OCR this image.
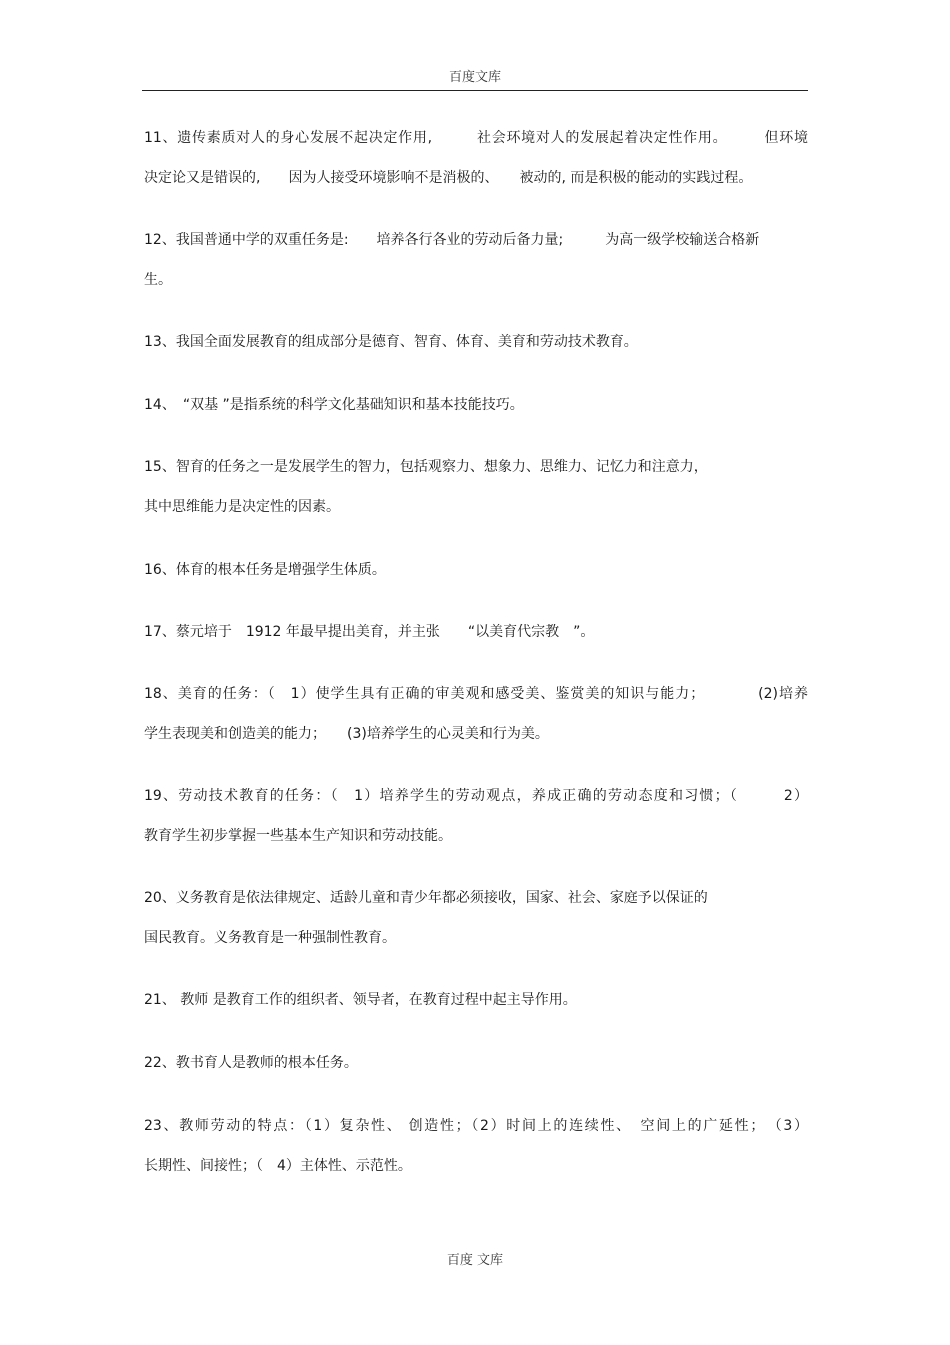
百度文库
11、遗传素质对人的身心发展不起决定作用,　　　社会环境对人的发展起着决定性作用。　　　但环境
决定论又是错误的,　　因为人接受环境影响不是消极的、　　被动的, 而是积极的能动的实践过程。
12、我国普通中学的双重任务是:　　培养各行各业的劳动后备力量;　　　为高一级学校输送合格新
生。
13、我国全面发展教育的组成部分是德育、智育、体育、美育和劳动技术教育。
14、　“双基 ”是指系统的科学文化基础知识和基本技能技巧。
15、智育的任务之一是发展学生的智力，包括观察力、想象力、思维力、记忆力和注意力，
其中思维能力是决定性的因素。
16、体育的根本任务是增强学生体质。
17、蔡元培于　1912 年最早提出美育，并主张　　“以美育代宗教　”。
18、美育的任务：（　1）使学生具有正确的审美观和感受美、鉴赏美的知识与能力；　　　　(2)培养
学生表现美和创造美的能力；　　(3)培养学生的心灵美和行为美。
19、劳动技术教育的任务：（　1）培养学生的劳动观点，养成正确的劳动态度和习惯；（　　　2）
教育学生初步掌握一些基本生产知识和劳动技能。
20、义务教育是依法律规定、适龄儿童和青少年都必须接收，国家、社会、家庭予以保证的
国民教育。义务教育是一种强制性教育。
21、 教师 是教育工作的组织者、领导者，在教育过程中起主导作用。
22、教书育人是教师的根本任务。
23、教师劳动的特点：（1）复杂性、 创造性；（2）时间上的连续性、　空间上的广延性；　（3）
长期性、间接性；（　4）主体性、示范性。
百度 文库
